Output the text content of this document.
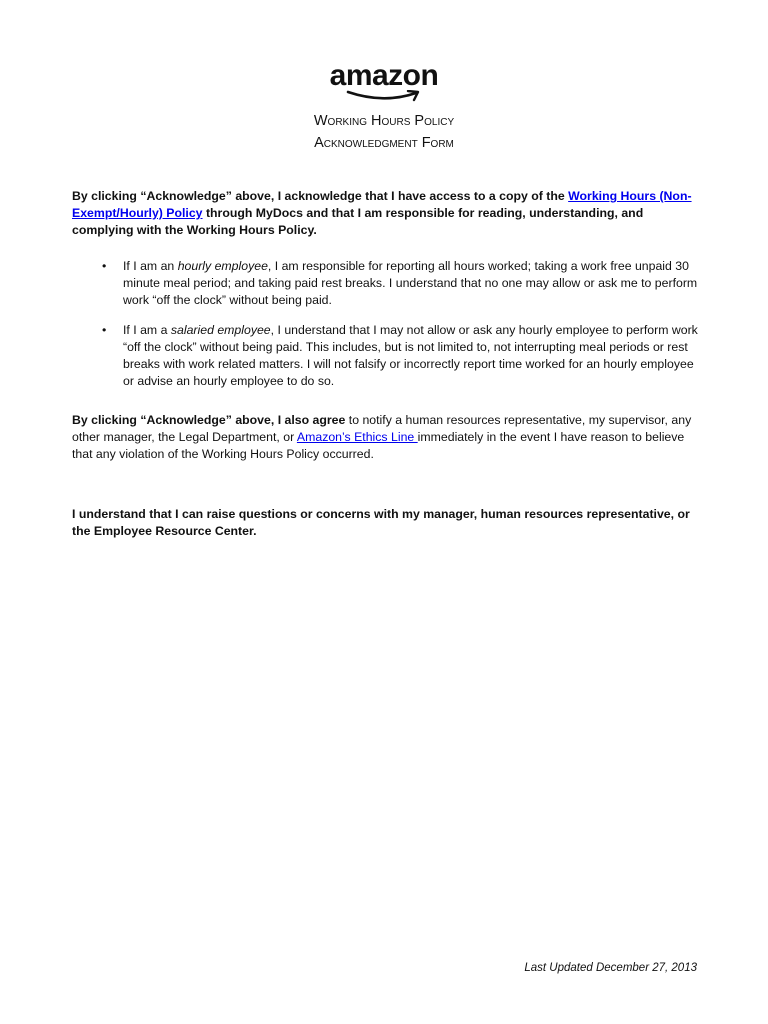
amazon
Working Hours Policy
Acknowledgment Form

By clicking “Acknowledge” above, I acknowledge that I have access to a copy of the Working Hours (Non-Exempt/Hourly) Policy through MyDocs and that I am responsible for reading, understanding, and complying with the Working Hours Policy.

• If I am an hourly employee, I am responsible for reporting all hours worked; taking a work free unpaid 30 minute meal period; and taking paid rest breaks. I understand that no one may allow or ask me to perform work “off the clock” without being paid.
• If I am a salaried employee, I understand that I may not allow or ask any hourly employee to perform work “off the clock” without being paid. This includes, but is not limited to, not interrupting meal periods or rest breaks with work related matters. I will not falsify or incorrectly report time worked for an hourly employee or advise an hourly employee to do so.

By clicking “Acknowledge” above, I also agree to notify a human resources representative, my supervisor, any other manager, the Legal Department, or Amazon’s Ethics Line immediately in the event I have reason to believe that any violation of the Working Hours Policy occurred.

I understand that I can raise questions or concerns with my manager, human resources representative, or the Employee Resource Center.

Last Updated December 27, 2013
